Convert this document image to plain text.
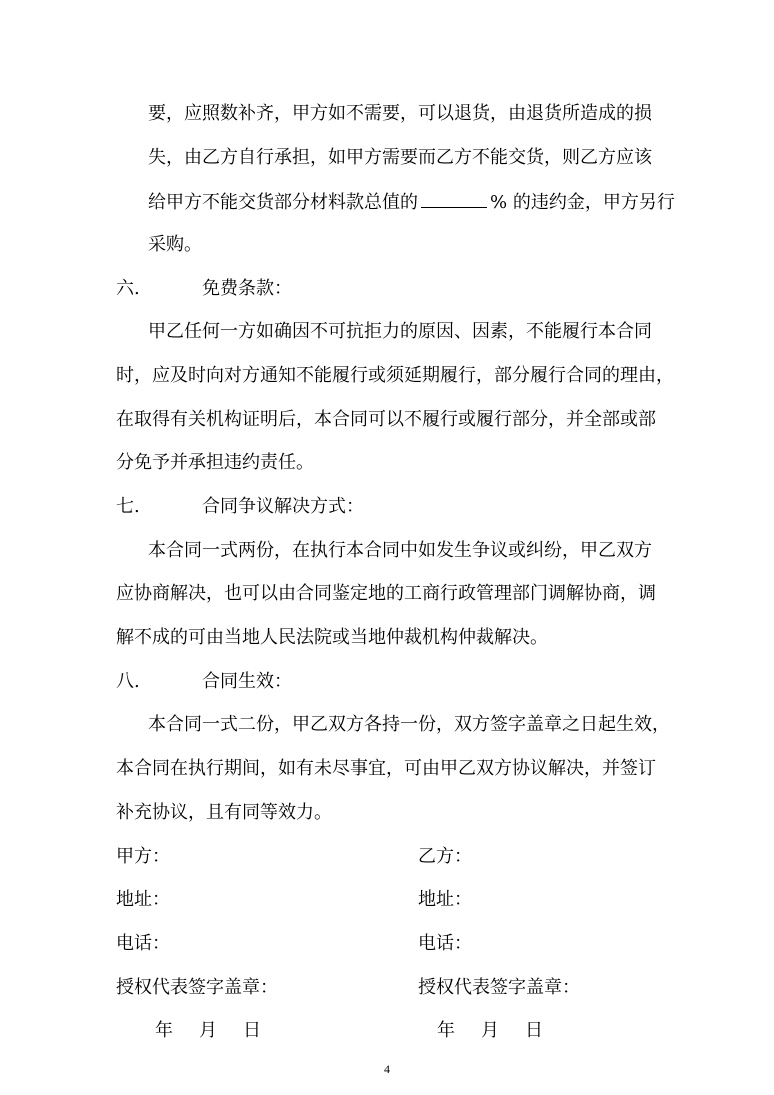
要，应照数补齐，甲方如不需要，可以退货，由退货所造成的损
失，由乙方自行承担，如甲方需要而乙方不能交货，则乙方应该
给甲方不能交货部分材料款总值的	% 的违约金，甲方另行
采购。
六.	免费条款：
甲乙任何一方如确因不可抗拒力的原因、因素，不能履行本合同
时，应及时向对方通知不能履行或须延期履行，部分履行合同的理由，
在取得有关机构证明后，本合同可以不履行或履行部分，并全部或部
分免予并承担违约责任。
七.	合同争议解决方式：
本合同一式两份，在执行本合同中如发生争议或纠纷，甲乙双方
应协商解决，也可以由合同鉴定地的工商行政管理部门调解协商，调
解不成的可由当地人民法院或当地仲裁机构仲裁解决。
八.	合同生效：
本合同一式二份，甲乙双方各持一份，双方签字盖章之日起生效，
本合同在执行期间，如有未尽事宜，可由甲乙双方协议解决，并签订
补充协议，且有同等效力。
甲方：	乙方：
地址：	地址：
电话：	电话：
授权代表签字盖章：	授权代表签字盖章：
年 月 日	年 月 日
4
